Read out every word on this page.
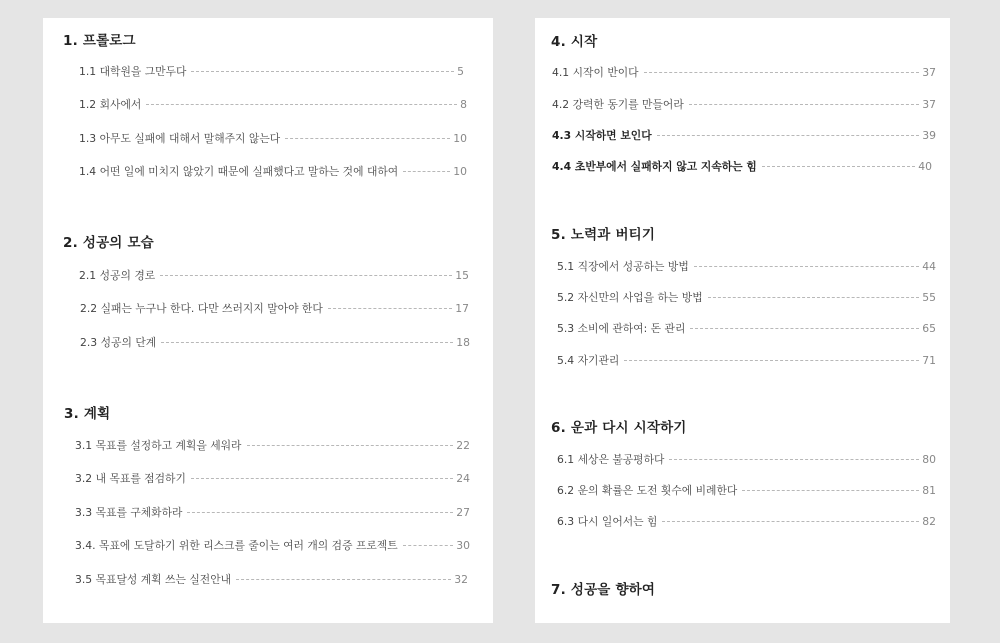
1. 프롤로그
1.1 대학원을 그만두다	5
1.2 회사에서	8
1.3 아무도 실패에 대해서 말해주지 않는다	10
1.4 어떤 일에 미치지 않았기 때문에 실패했다고 말하는 것에 대하여	10
2. 성공의 모습
2.1 성공의 경로	15
2.2 실패는 누구나 한다. 다만 쓰러지지 말아야 한다	17
2.3 성공의 단계	18
3. 계획
3.1 목표를 설정하고 계획을 세워라	22
3.2 내 목표를 점검하기	24
3.3 목표를 구체화하라	27
3.4. 목표에 도달하기 위한 리스크를 줄이는 여러 개의 검증 프로젝트	30
3.5 목표달성 계획 쓰는 실전안내	32
4. 시작
4.1 시작이 반이다	37
4.2 강력한 동기를 만들어라	37
4.3 시작하면 보인다	39
4.4 초반부에서 실패하지 않고 지속하는 힘	40
5. 노력과 버티기
5.1 직장에서 성공하는 방법	44
5.2 자신만의 사업을 하는 방법	55
5.3 소비에 관하여: 돈 관리	65
5.4 자기관리	71
6. 운과 다시 시작하기
6.1 세상은 불공평하다	80
6.2 운의 확률은 도전 횟수에 비례한다	81
6.3 다시 일어서는 힘	82
7. 성공을 향하여
